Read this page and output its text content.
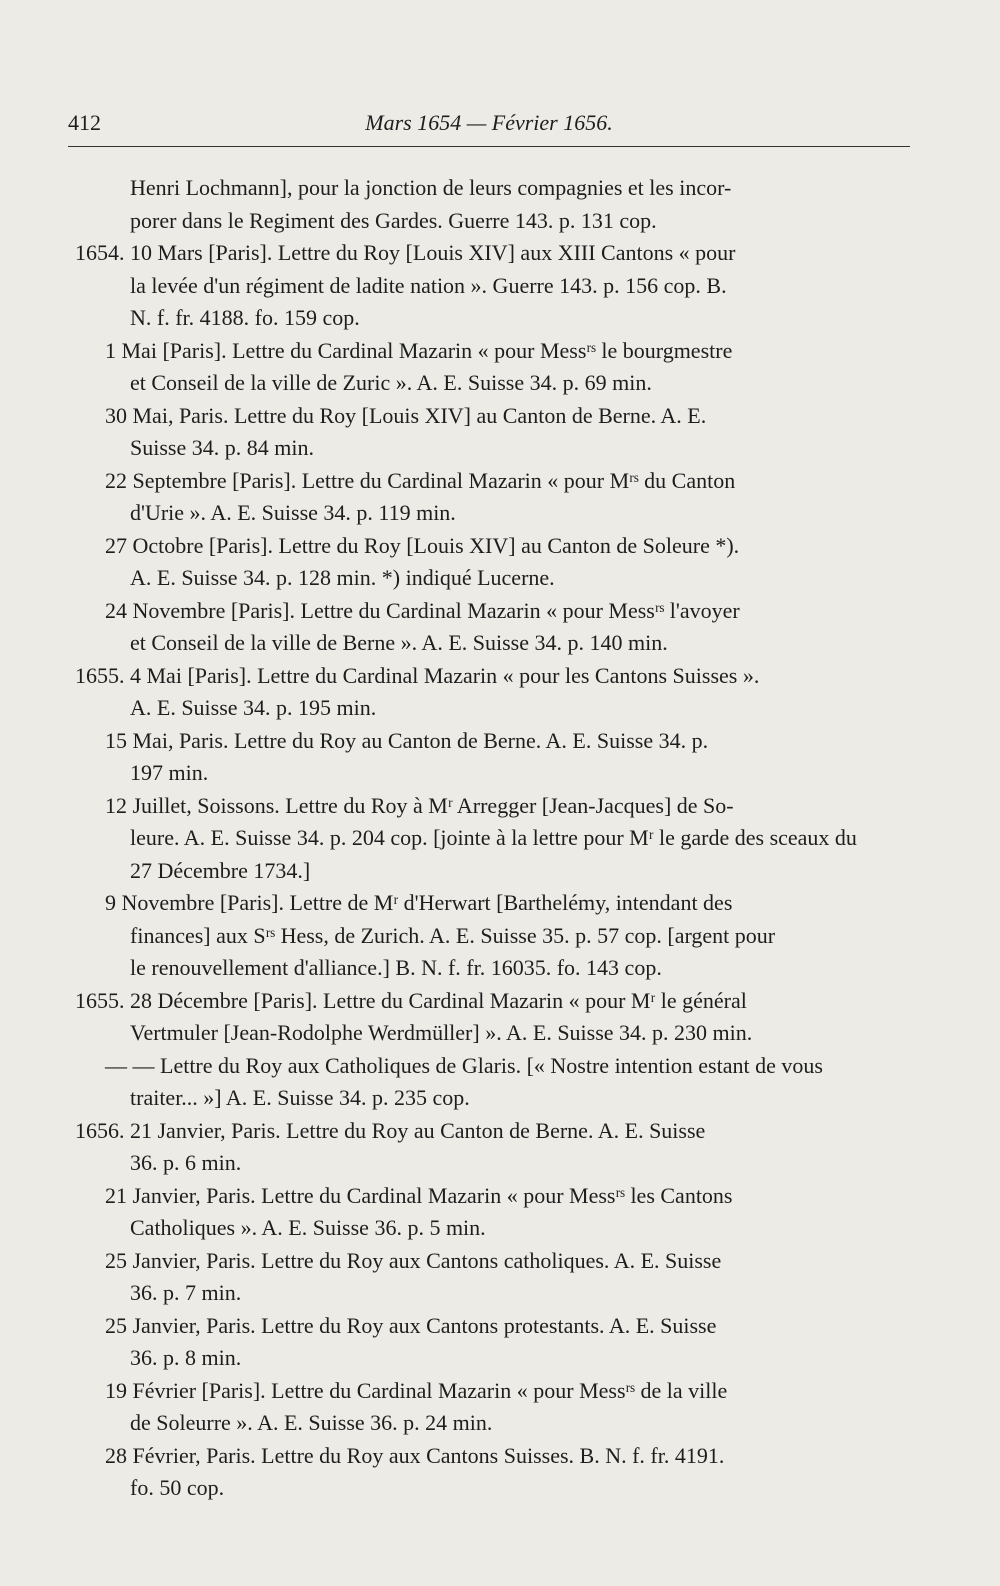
412	Mars 1654 — Février 1656.
Henri Lochmann], pour la jonction de leurs compagnies et les incor-
porer dans le Regiment des Gardes. Guerre 143. p. 131 cop.
1654. 10 Mars [Paris]. Lettre du Roy [Louis XIV] aux XIII Cantons « pour
la levée d'un régiment de ladite nation ». Guerre 143. p. 156 cop. B.
N. f. fr. 4188. fo. 159 cop.
1 Mai [Paris]. Lettre du Cardinal Mazarin « pour Messʳˢ le bourgmestre
et Conseil de la ville de Zuric ». A. E. Suisse 34. p. 69 min.
30 Mai, Paris. Lettre du Roy [Louis XIV] au Canton de Berne. A. E.
Suisse 34. p. 84 min.
22 Septembre [Paris]. Lettre du Cardinal Mazarin « pour Mʳˢ du Canton
d'Urie ». A. E. Suisse 34. p. 119 min.
27 Octobre [Paris]. Lettre du Roy [Louis XIV] au Canton de Soleure *).
A. E. Suisse 34. p. 128 min. *) indiqué Lucerne.
24 Novembre [Paris]. Lettre du Cardinal Mazarin « pour Messʳˢ l'avoyer
et Conseil de la ville de Berne ». A. E. Suisse 34. p. 140 min.
1655. 4 Mai [Paris]. Lettre du Cardinal Mazarin « pour les Cantons Suisses ».
A. E. Suisse 34. p. 195 min.
15 Mai, Paris. Lettre du Roy au Canton de Berne. A. E. Suisse 34. p.
197 min.
12 Juillet, Soissons. Lettre du Roy à Mʳ Arregger [Jean-Jacques] de So-
leure. A. E. Suisse 34. p. 204 cop. [jointe à la lettre pour Mʳ le garde des sceaux du
27 Décembre 1734.]
9 Novembre [Paris]. Lettre de Mʳ d'Herwart [Barthelémy, intendant des
finances] aux Sʳˢ Hess, de Zurich. A. E. Suisse 35. p. 57 cop. [argent pour
le renouvellement d'alliance.] B. N. f. fr. 16035. fo. 143 cop.
1655. 28 Décembre [Paris]. Lettre du Cardinal Mazarin « pour Mʳ le général
Vertmuler [Jean-Rodolphe Werdmüller] ». A. E. Suisse 34. p. 230 min.
— — Lettre du Roy aux Catholiques de Glaris. [« Nostre intention estant de vous
traiter... »] A. E. Suisse 34. p. 235 cop.
1656. 21 Janvier, Paris. Lettre du Roy au Canton de Berne. A. E. Suisse
36. p. 6 min.
21 Janvier, Paris. Lettre du Cardinal Mazarin « pour Messʳˢ les Cantons
Catholiques ». A. E. Suisse 36. p. 5 min.
25 Janvier, Paris. Lettre du Roy aux Cantons catholiques. A. E. Suisse
36. p. 7 min.
25 Janvier, Paris. Lettre du Roy aux Cantons protestants. A. E. Suisse
36. p. 8 min.
19 Février [Paris]. Lettre du Cardinal Mazarin « pour Messʳˢ de la ville
de Soleurre ». A. E. Suisse 36. p. 24 min.
28 Février, Paris. Lettre du Roy aux Cantons Suisses. B. N. f. fr. 4191.
fo. 50 cop.
